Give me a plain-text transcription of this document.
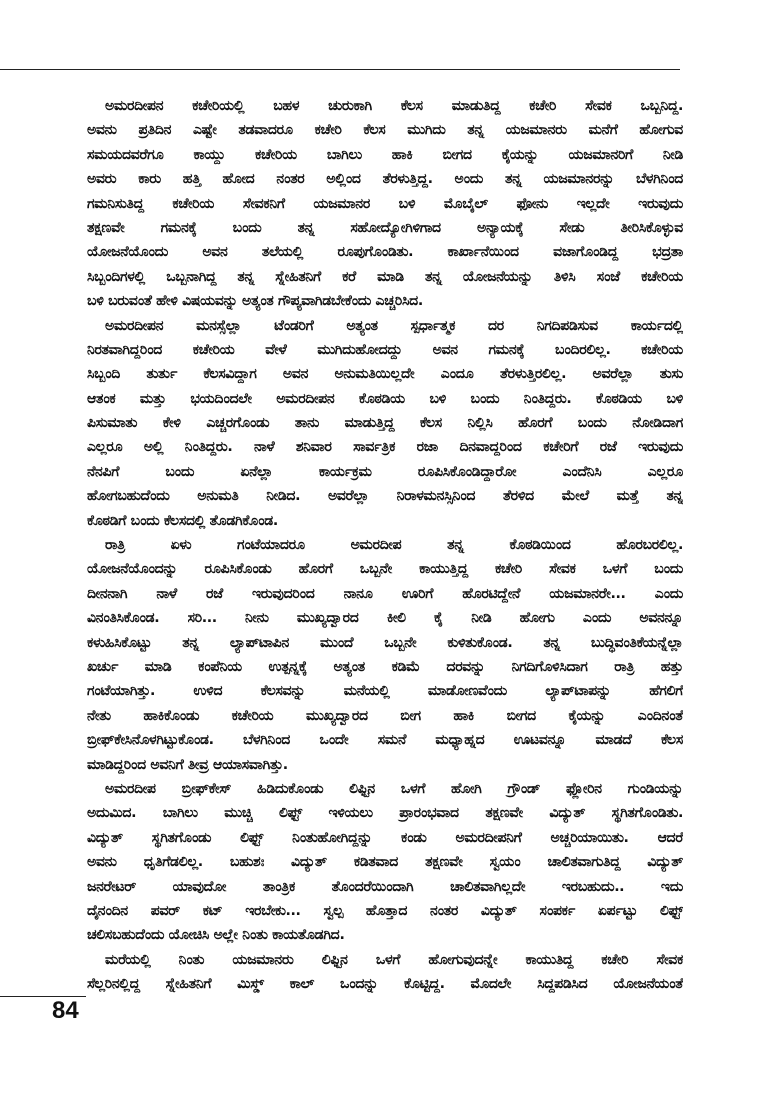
ಅಮರದೀಪನ ಕಚೇರಿಯಲ್ಲಿ ಬಹಳ ಚುರುಕಾಗಿ ಕೆಲಸ ಮಾಡುತಿದ್ದ ಕಚೇರಿ ಸೇವಕ ಒಬ್ಬನಿದ್ದ.
ಅವನು ಪ್ರತಿದಿನ ಎಷ್ಟೇ ತಡವಾದರೂ ಕಚೇರಿ ಕೆಲಸ ಮುಗಿದು ತನ್ನ ಯಜಮಾನರು ಮನೆಗೆ ಹೋಗುವ
ಸಮಯದವರೆಗೂ ಕಾಯ್ದು ಕಚೇರಿಯ ಬಾಗಿಲು ಹಾಕಿ ಬೀಗದ ಕೈಯನ್ನು ಯಜಮಾನರಿಗೆ ನೀಡಿ
ಅವರು ಕಾರು ಹತ್ತಿ ಹೋದ ನಂತರ ಅಲ್ಲಿಂದ ತೆರಳುತ್ತಿದ್ದ. ಅಂದು ತನ್ನ ಯಜಮಾನರನ್ನು ಬೆಳಗಿನಿಂದ
ಗಮನಿಸುತಿದ್ದ ಕಚೇರಿಯ ಸೇವಕನಿಗೆ ಯಜಮಾನರ ಬಳಿ ಮೊಬೈಲ್ ಫೋನು ಇಲ್ಲದೇ ಇರುವುದು
ತಕ್ಷಣವೇ ಗಮನಕ್ಕೆ ಬಂದು ತನ್ನ ಸಹೋದ್ಯೋಗಿಳಿಗಾದ ಅನ್ಯಾಯಕ್ಕೆ ಸೇಡು ತೀರಿಸಿಕೊಳ್ಳುವ
ಯೋಜನೆಯೊಂದು ಅವನ ತಲೆಯಲ್ಲಿ ರೂಪುಗೊಂಡಿತು. ಕಾರ್ಖಾನೆಯಿಂದ ವಜಾಗೊಂಡಿದ್ದ ಭದ್ರತಾ
ಸಿಬ್ಬಂದಿಗಳಲ್ಲಿ ಒಬ್ಬನಾಗಿದ್ದ ತನ್ನ ಸ್ನೇಹಿತನಿಗೆ ಕರೆ ಮಾಡಿ ತನ್ನ ಯೋಜನೆಯನ್ನು ತಿಳಿಸಿ ಸಂಜೆ ಕಚೇರಿಯ
ಬಳಿ ಬರುವಂತೆ ಹೇಳಿ ವಿಷಯವನ್ನು ಅತ್ಯಂತ ಗೌಪ್ಯವಾಗಿಡಬೇಕೆಂದು ಎಚ್ಚರಿಸಿದ.
ಅಮರದೀಪನ ಮನಸ್ಸೆಲ್ಲಾ ಟೆಂಡರಿಗೆ ಅತ್ಯಂತ ಸ್ಪರ್ಧಾತ್ಮಕ ದರ ನಿಗದಿಪಡಿಸುವ ಕಾರ್ಯದಲ್ಲಿ
ನಿರತವಾಗಿದ್ದರಿಂದ ಕಚೇರಿಯ ವೇಳೆ ಮುಗಿದುಹೋದದ್ದು ಅವನ ಗಮನಕ್ಕೆ ಬಂದಿರಲಿಲ್ಲ. ಕಚೇರಿಯ
ಸಿಬ್ಬಂದಿ ತುರ್ತು ಕೆಲಸವಿದ್ದಾಗ ಅವನ ಅನುಮತಿಯಿಲ್ಲದೇ ಎಂದೂ ತೆರಳುತ್ತಿರಲಿಲ್ಲ. ಅವರೆಲ್ಲಾ ತುಸು
ಆತಂಕ ಮತ್ತು ಭಯದಿಂದಲೇ ಅಮರದೀಪನ ಕೊಠಡಿಯ ಬಳಿ ಬಂದು ನಿಂತಿದ್ದರು. ಕೊಠಡಿಯ ಬಳಿ
ಪಿಸುಮಾತು ಕೇಳಿ ಎಚ್ಚರಗೊಂಡು ತಾನು ಮಾಡುತ್ತಿದ್ದ ಕೆಲಸ ನಿಲ್ಲಿಸಿ ಹೊರಗೆ ಬಂದು ನೋಡಿದಾಗ
ಎಲ್ಲರೂ ಅಲ್ಲಿ ನಿಂತಿದ್ದರು. ನಾಳೆ ಶನಿವಾರ ಸಾರ್ವತ್ರಿಕ ರಜಾ ದಿನವಾದ್ದರಿಂದ ಕಚೇರಿಗೆ ರಜೆ ಇರುವುದು
ನೆನಪಿಗೆ ಬಂದು ಏನೆಲ್ಲಾ ಕಾರ್ಯಕ್ರಮ ರೂಪಿಸಿಕೊಂಡಿದ್ದಾರೋ ಎಂದೆನಿಸಿ ಎಲ್ಲರೂ
ಹೋಗಬಹುದೆಂದು ಅನುಮತಿ ನೀಡಿದ. ಅವರೆಲ್ಲಾ ನಿರಾಳಮನಸ್ಸಿನಿಂದ ತೆರಳಿದ ಮೇಲೆ ಮತ್ತೆ ತನ್ನ
ಕೊಠಡಿಗೆ ಬಂದು ಕೆಲಸದಲ್ಲಿ ತೊಡಗಿಕೊಂಡ.
ರಾತ್ರಿ ಏಳು ಗಂಟೆಯಾದರೂ ಅಮರದೀಪ ತನ್ನ ಕೊಠಡಿಯಿಂದ ಹೊರಬರಲಿಲ್ಲ.
ಯೋಜನೆಯೊಂದನ್ನು ರೂಪಿಸಿಕೊಂಡು ಹೊರಗೆ ಒಬ್ಬನೇ ಕಾಯುತ್ತಿದ್ದ ಕಚೇರಿ ಸೇವಕ ಒಳಗೆ ಬಂದು
ದೀನನಾಗಿ ನಾಳೆ ರಜೆ ಇರುವುದರಿಂದ ನಾನೂ ಊರಿಗೆ ಹೊರಟಿದ್ದೇನೆ ಯಜಮಾನರೇ... ಎಂದು
ವಿನಂತಿಸಿಕೊಂಡ. ಸರಿ... ನೀನು ಮುಖ್ಯದ್ವಾರದ ಕೀಲಿ ಕೈ ನೀಡಿ ಹೋಗು ಎಂದು ಅವನನ್ನೂ
ಕಳುಹಿಸಿಕೊಟ್ಟು ತನ್ನ ಲ್ಯಾಪ್‌ಟಾಪಿನ ಮುಂದೆ ಒಬ್ಬನೇ ಕುಳಿತುಕೊಂಡ. ತನ್ನ ಬುದ್ಧಿವಂತಿಕೆಯನ್ನೆಲ್ಲಾ
ಖರ್ಚು ಮಾಡಿ ಕಂಪೆನಿಯ ಉತ್ಪನ್ನಕ್ಕೆ ಅತ್ಯಂತ ಕಡಿಮೆ ದರವನ್ನು ನಿಗದಿಗೊಳಿಸಿದಾಗ ರಾತ್ರಿ ಹತ್ತು
ಗಂಟೆಯಾಗಿತ್ತು. ಉಳಿದ ಕೆಲಸವನ್ನು ಮನೆಯಲ್ಲಿ ಮಾಡೋಣವೆಂದು ಲ್ಯಾಪ್‌ಟಾಪನ್ನು ಹೆಗಲಿಗೆ
ನೇತು ಹಾಕಿಕೊಂಡು ಕಚೇರಿಯ ಮುಖ್ಯದ್ವಾರದ ಬೀಗ ಹಾಕಿ ಬೀಗದ ಕೈಯನ್ನು ಎಂದಿನಂತೆ
ಬ್ರೀಫ್‌ಕೇಸಿನೊಳಗಿಟ್ಟುಕೊಂಡ. ಬೆಳಗಿನಿಂದ ಒಂದೇ ಸಮನೆ ಮಧ್ಯಾಹ್ನದ ಊಟವನ್ನೂ ಮಾಡದೆ ಕೆಲಸ
ಮಾಡಿದ್ದರಿಂದ ಅವನಿಗೆ ತೀವ್ರ ಆಯಾಸವಾಗಿತ್ತು.
ಅಮರದೀಪ ಬ್ರೀಫ್‌ಕೇಸ್ ಹಿಡಿದುಕೊಂಡು ಲಿಫ್ಟಿನ ಒಳಗೆ ಹೋಗಿ ಗ್ರೌಂಡ್ ಫ್ಲೋರಿನ ಗುಂಡಿಯನ್ನು
ಅದುಮಿದ. ಬಾಗಿಲು ಮುಚ್ಚಿ ಲಿಫ್ಟ್ ಇಳಿಯಲು ಪ್ರಾರಂಭವಾದ ತಕ್ಷಣವೇ ವಿದ್ಯುತ್ ಸ್ಥಗಿತಗೊಂಡಿತು.
ವಿದ್ಯುತ್ ಸ್ಥಗಿತಗೊಂಡು ಲಿಫ್ಟ್ ನಿಂತುಹೋಗಿದ್ದನ್ನು ಕಂಡು ಅಮರದೀಪನಿಗೆ ಅಚ್ಚರಿಯಾಯಿತು. ಆದರೆ
ಅವನು ಧೃತಿಗೆಡಲಿಲ್ಲ. ಬಹುಶಃ ವಿದ್ಯುತ್ ಕಡಿತವಾದ ತಕ್ಷಣವೇ ಸ್ವಯಂ ಚಾಲಿತವಾಗುತಿದ್ದ ವಿದ್ಯುತ್
ಜನರೇಟರ್ ಯಾವುದೋ ತಾಂತ್ರಿಕ ತೊಂದರೆಯಿಂದಾಗಿ ಚಾಲಿತವಾಗಿಲ್ಲದೇ ಇರಬಹುದು.. ಇದು
ದೈನಂದಿನ ಪವರ್ ಕಟ್ ಇರಬೇಕು... ಸ್ವಲ್ಪ ಹೊತ್ತಾದ ನಂತರ ವಿದ್ಯುತ್ ಸಂಪರ್ಕ ಏರ್ಪಟ್ಟು ಲಿಫ್ಟ್
ಚಲಿಸಬಹುದೆಂದು ಯೋಚಿಸಿ ಅಲ್ಲೇ ನಿಂತು ಕಾಯತೊಡಗಿದ.
ಮರೆಯಲ್ಲಿ ನಿಂತು ಯಜಮಾನರು ಲಿಫ್ಟಿನ ಒಳಗೆ ಹೋಗುವುದನ್ನೇ ಕಾಯುತಿದ್ದ ಕಚೇರಿ ಸೇವಕ
ಸೆಲ್ಲರಿನಲ್ಲಿದ್ದ ಸ್ನೇಹಿತನಿಗೆ ಮಿಸ್ಡ್ ಕಾಲ್ ಒಂದನ್ನು ಕೊಟ್ಟಿದ್ದ. ಮೊದಲೇ ಸಿದ್ದಪಡಿಸಿದ ಯೋಜನೆಯಂತೆ
84
